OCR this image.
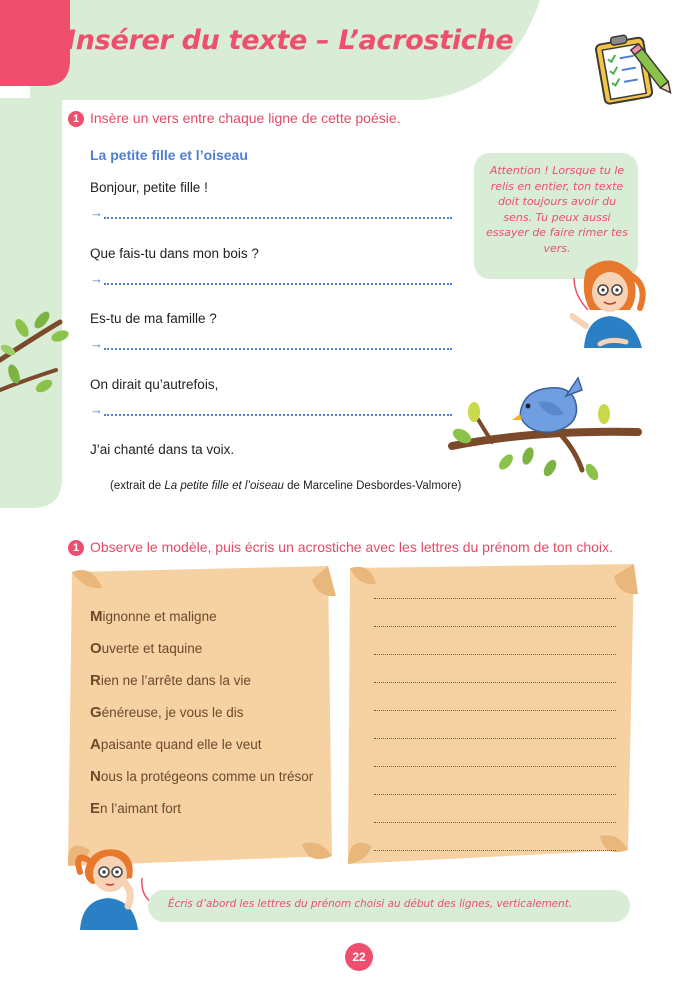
Insérer du texte – L’acrostiche
1 Insère un vers entre chaque ligne de cette poésie.
La petite fille et l’oiseau
Bonjour, petite fille !
→
Que fais-tu dans mon bois ?
→
Es-tu de ma famille ?
→
On dirait qu’autrefois,
→
J’ai chanté dans ta voix.
(extrait de La petite fille et l’oiseau de Marceline Desbordes-Valmore)
Attention ! Lorsque tu le relis en entier, ton texte doit toujours avoir du sens. Tu peux aussi essayer de faire rimer tes vers.
1 Observe le modèle, puis écris un acrostiche avec les lettres du prénom de ton choix.
Mignonne et maligne
Ouverte et taquine
Rien ne l’arrête dans la vie
Généreuse, je vous le dis
Apaisante quand elle le veut
Nous la protégeons comme un trésor
En l’aimant fort
Écris d’abord les lettres du prénom choisi au début des lignes, verticalement.
22
